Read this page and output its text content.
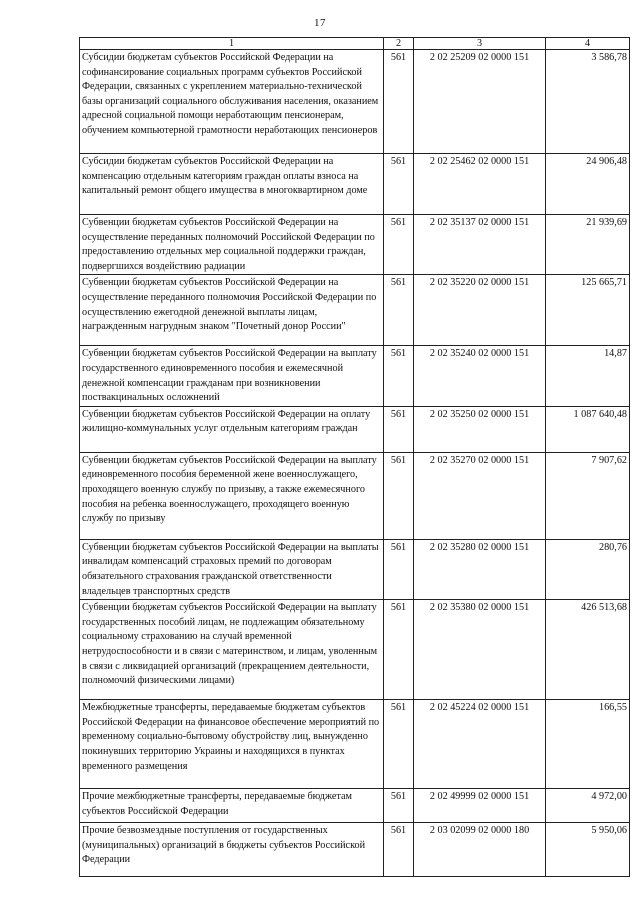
17
1	2	3	4
Субсидии бюджетам субъектов Российской Федерации на софинансирование социальных программ субъектов Российской Федерации, связанных с укреплением материально-технической базы организаций социального обслуживания населения, оказанием адресной социальной помощи неработающим пенсионерам, обучением компьютерной грамотности неработающих пенсионеров	561	2 02 25209 02 0000 151	3 586,78
Субсидии бюджетам субъектов Российской Федерации на компенсацию отдельным категориям граждан оплаты взноса на капитальный ремонт общего имущества в многоквартирном доме	561	2 02 25462 02 0000 151	24 906,48
Субвенции бюджетам субъектов Российской Федерации на осуществление переданных полномочий Российской Федерации по предоставлению отдельных мер социальной поддержки граждан, подвергшихся воздействию радиации	561	2 02 35137 02 0000 151	21 939,69
Субвенции бюджетам субъектов Российской Федерации на осуществление переданного полномочия Российской Федерации по осуществлению ежегодной денежной выплаты лицам, награжденным нагрудным знаком "Почетный донор России"	561	2 02 35220 02 0000 151	125 665,71
Субвенции бюджетам субъектов Российской Федерации на выплату государственного единовременного пособия и ежемесячной денежной компенсации гражданам при возникновении поствакцинальных осложнений	561	2 02 35240 02 0000 151	14,87
Субвенции бюджетам субъектов Российской Федерации на оплату жилищно-коммунальных услуг отдельным категориям граждан	561	2 02 35250 02 0000 151	1 087 640,48
Субвенции бюджетам субъектов Российской Федерации на выплату единовременного пособия беременной жене военнослужащего, проходящего военную службу по призыву, а также ежемесячного пособия на ребенка военнослужащего, проходящего военную службу по призыву	561	2 02 35270 02 0000 151	7 907,62
Субвенции бюджетам субъектов Российской Федерации на выплаты инвалидам компенсаций страховых премий по договорам обязательного страхования гражданской ответственности владельцев транспортных средств	561	2 02 35280 02 0000 151	280,76
Субвенции бюджетам субъектов Российской Федерации на выплату государственных пособий лицам, не подлежащим обязательному социальному страхованию на случай временной нетрудоспособности и в связи с материнством, и лицам, уволенным в связи с ликвидацией организаций (прекращением деятельности, полномочий физическими лицами)	561	2 02 35380 02 0000 151	426 513,68
Межбюджетные трансферты, передаваемые бюджетам субъектов Российской Федерации на финансовое обеспечение мероприятий по временному социально-бытовому обустройству лиц, вынужденно покинувших территорию Украины и находящихся в пунктах временного размещения	561	2 02 45224 02 0000 151	166,55
Прочие межбюджетные трансферты, передаваемые бюджетам субъектов Российской Федерации	561	2 02 49999 02 0000 151	4 972,00
Прочие безвозмездные поступления от государственных (муниципальных) организаций в бюджеты субъектов Российской Федерации	561	2 03 02099 02 0000 180	5 950,06
